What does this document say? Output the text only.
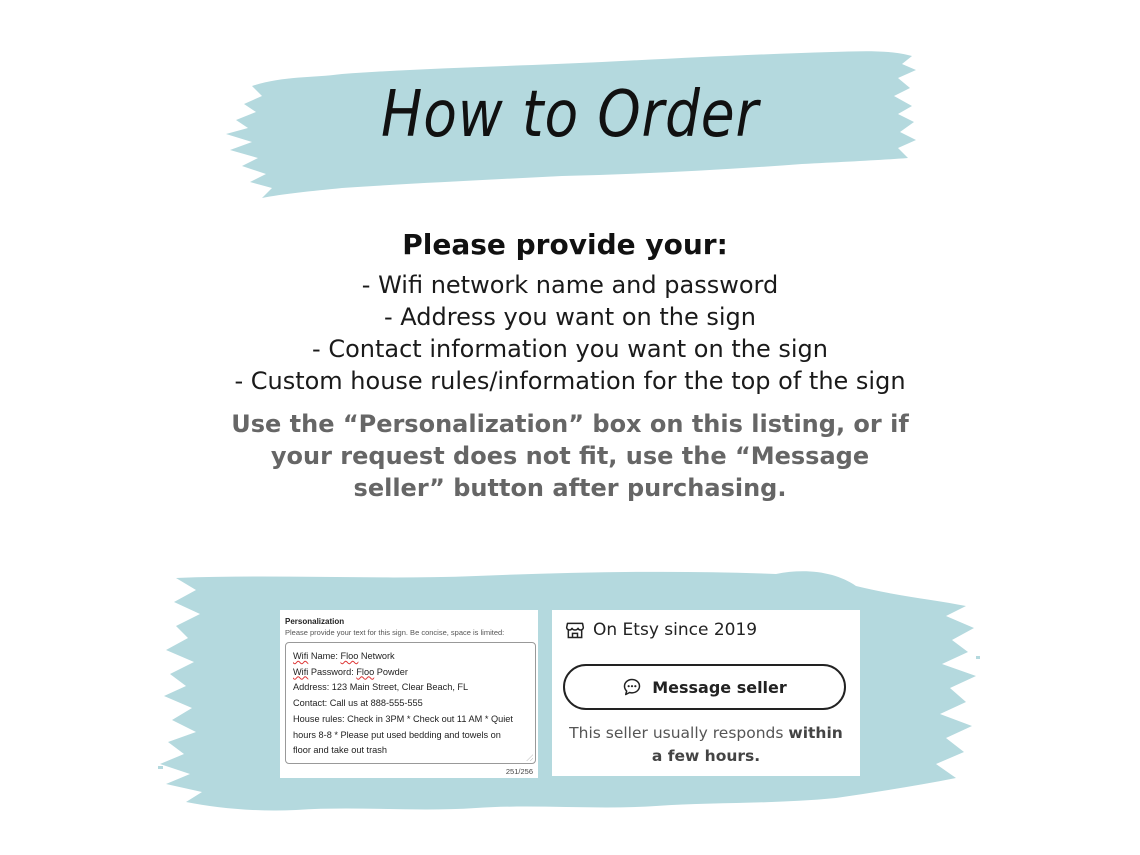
How to Order
Please provide your:
- Wifi network name and password
- Address you want on the sign
- Contact information you want on the sign
- Custom house rules/information for the top of the sign
Use the “Personalization” box on this listing, or if your request does not fit, use the “Message seller” button after purchasing.
Personalization
Please provide your text for this sign. Be concise, space is limited:
Wifi Name: Floo Network
Wifi Password: Floo Powder
Address: 123 Main Street, Clear Beach, FL
Contact: Call us at 888-555-555
House rules: Check in 3PM * Check out 11 AM * Quiet
hours 8-8 * Please put used bedding and towels on
floor and take out trash
251/256
On Etsy since 2019
Message seller
This seller usually responds within a few hours.
